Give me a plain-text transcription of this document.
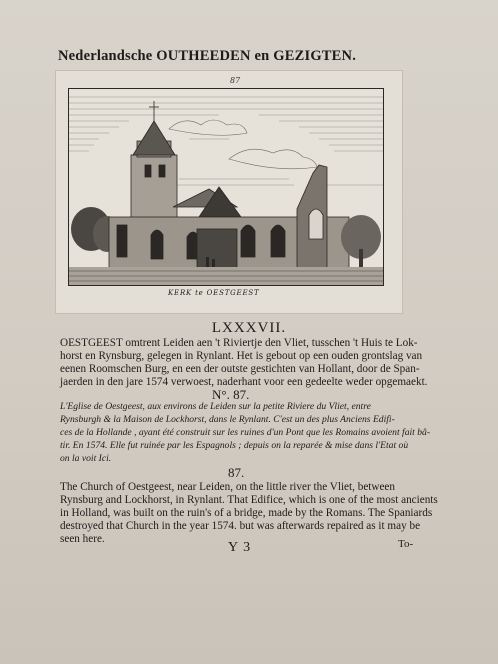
Nederlandsche OUTHEEDEN en GEZIGTEN.
87
KERK te OESTGEEST
LXXXVII.
OESTGEEST omtrent Leiden aen 't Riviertje den Vliet, tusschen 't Huis te Lok-
horst en Rynsburg, gelegen in Rynlant. Het is gebout op een ouden grontslag van
eenen Roomschen Burg, en een der outste gestichten van Hollant, door de Span-
jaerden in den jare 1574 verwoest, naderhant voor een gedeelte weder opgemaekt.
N°. 87.
L'Eglise de Oestgeest, aux environs de Leiden sur la petite Riviere du Vliet, entre
Rynsburgh & la Maison de Lockhorst, dans le Rynlant. C'est un des plus Anciens Edifi-
ces de la Hollande , ayant été construit sur les ruines d'un Pont que les Romains avoient fait bâ-
tir. En 1574. Elle fut ruinée par les Espagnols ; depuis on la reparée & mise dans l'Etat où
on la voit Ici.
87.
The Church of Oestgeest, near Leiden, on the little river the Vliet, between
Rynsburg and Lockhorst, in Rynlant. That Edifice, which is one of the most ancients
in Holland, was built on the ruin's of a bridge, made by the Romans. The Spaniards
destroyed that Church in the year 1574. but was afterwards repaired as it may be
seen here.
Y 3	To-
